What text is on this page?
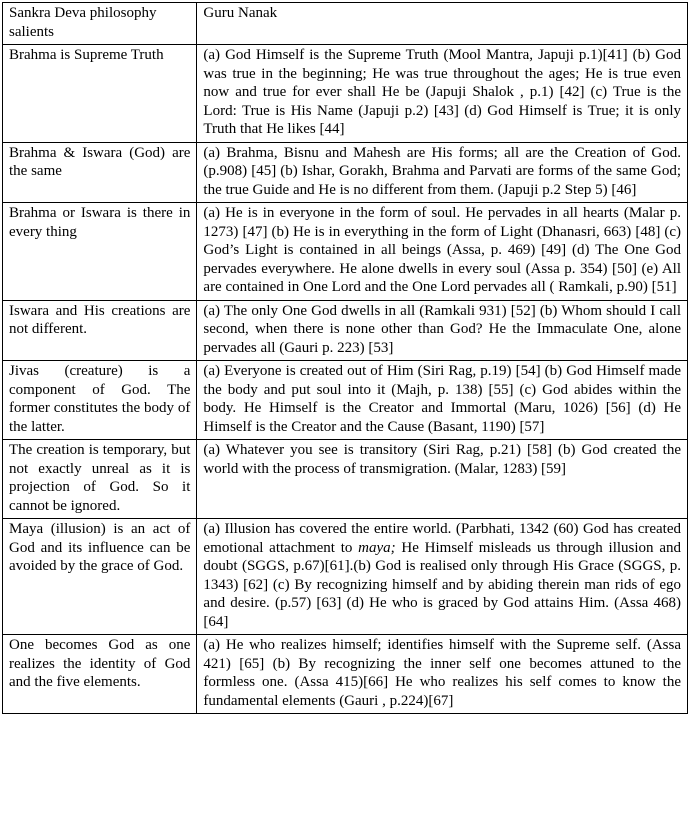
Sankra Deva philosophy salients	Guru Nanak
Brahma is Supreme Truth	(a) God Himself is the Supreme Truth (Mool Mantra, Japuji p.1)[41] (b) God was true in the beginning; He was true throughout the ages; He is true even now and true for ever shall He be (Japuji Shalok , p.1) [42] (c) True is the Lord: True is His Name (Japuji p.2) [43] (d) God Himself is True; it is only Truth that He likes [44]
Brahma & Iswara (God) are the same	(a) Brahma, Bisnu and Mahesh are His forms; all are the Creation of God. (p.908) [45] (b) Ishar, Gorakh, Brahma and Parvati are forms of the same God; the true Guide and He is no different from them. (Japuji p.2 Step 5) [46]
Brahma or Iswara is there in every thing	(a) He is in everyone in the form of soul. He pervades in all hearts (Malar p. 1273) [47] (b) He is in everything in the form of Light (Dhanasri, 663) [48] (c) God’s Light is contained in all beings (Assa, p. 469) [49] (d) The One God pervades everywhere. He alone dwells in every soul (Assa p. 354) [50] (e) All are contained in One Lord and the One Lord pervades all ( Ramkali, p.90) [51]
Iswara and His creations are not different.	(a) The only One God dwells in all (Ramkali 931) [52] (b) Whom should I call second, when there is none other than God? He the Immaculate One, alone pervades all (Gauri p. 223) [53]
Jivas (creature) is a component of God. The former constitutes the body of the latter.	(a) Everyone is created out of Him (Siri Rag, p.19) [54] (b) God Himself made the body and put soul into it (Majh, p. 138) [55] (c) God abides within the body. He Himself is the Creator and Immortal (Maru, 1026) [56] (d) He Himself is the Creator and the Cause (Basant, 1190) [57]
The creation is temporary, but not exactly unreal as it is projection of God. So it cannot be ignored.	(a) Whatever you see is transitory (Siri Rag, p.21) [58] (b) God created the world with the process of transmigration. (Malar, 1283) [59]
Maya (illusion) is an act of God and its influence can be avoided by the grace of God.	(a) Illusion has covered the entire world. (Parbhati, 1342 (60) God has created emotional attachment to maya; He Himself misleads us through illusion and doubt (SGGS, p.67)[61].(b) God is realised only through His Grace (SGGS, p. 1343) [62] (c) By recognizing himself and by abiding therein man rids of ego and desire. (p.57) [63] (d) He who is graced by God attains Him. (Assa 468) [64]
One becomes God as one realizes the identity of God and the five elements.	(a) He who realizes himself; identifies himself with the Supreme self. (Assa 421) [65] (b) By recognizing the inner self one becomes attuned to the formless one. (Assa 415)[66] He who realizes his self comes to know the fundamental elements (Gauri , p.224)[67]
